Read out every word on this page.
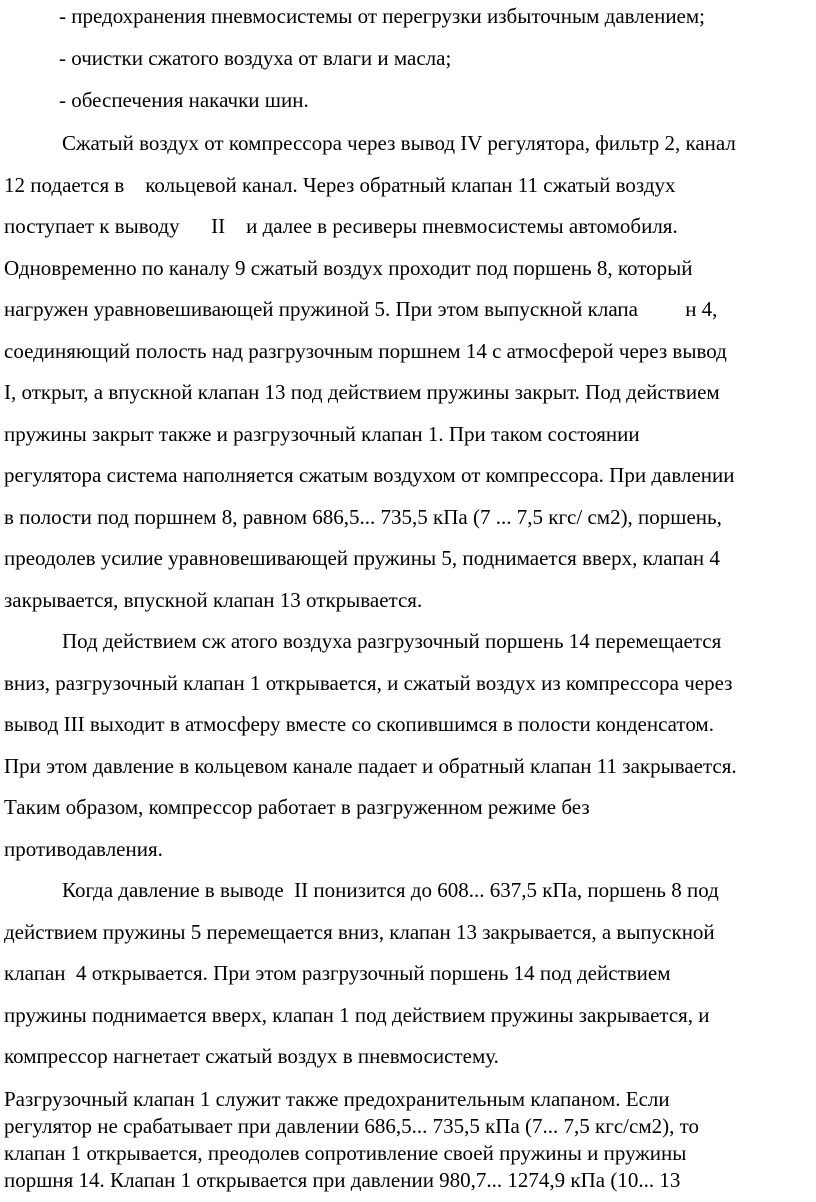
- предохранения пневмосистемы от перегрузки избыточным давлением;
- очистки сжатого воздуха от влаги и масла;
- обеспечения накачки шин.
Сжатый воздух от компрессора через вывод IV регулятора, фильтр 2, канал
12 подается в    кольцевой канал. Через обратный клапан 11 сжатый воздух
поступает к выводу      II    и далее в ресиверы пневмосистемы автомобиля.
Одновременно по каналу 9 сжатый воздух проходит под поршень 8, который
нагружен уравновешивающей пружиной 5. При этом выпускной клапа         н 4,
соединяющий полость над разгрузочным поршнем 14 с атмосферой через вывод
I, открыт, а впускной клапан 13 под действием пружины закрыт. Под действием
пружины закрыт также и разгрузочный клапан 1. При таком состоянии
регулятора система наполняется сжатым воздухом от компрессора. При давлении
в полости под поршнем 8, равном 686,5... 735,5 кПа (7 ... 7,5 кгс/ см2), поршень,
преодолев усилие уравновешивающей пружины 5, поднимается вверх, клапан 4
закрывается, впускной клапан 13 открывается.
Под действием сж атого воздуха разгрузочный поршень 14 перемещается
вниз, разгрузочный клапан 1 открывается, и сжатый воздух из компрессора через
вывод III выходит в атмосферу вместе со скопившимся в полости конденсатом.
При этом давление в кольцевом канале падает и обратный клапан 11 закрывается.
Таким образом, компрессор работает в разгруженном режиме без
противодавления.
Когда давление в выводе  II понизится до 608... 637,5 кПа, поршень 8 под
действием пружины 5 перемещается вниз, клапан 13 закрывается, а выпускной
клапан  4 открывается. При этом разгрузочный поршень 14 под действием
пружины поднимается вверх, клапан 1 под действием пружины закрывается, и
компрессор нагнетает сжатый воздух в пневмосистему.
Разгрузочный клапан 1 служит также предохранительным клапаном. Если
регулятор не срабатывает при давлении 686,5... 735,5 кПа (7... 7,5 кгс/см2), то
клапан 1 открывается, преодолев сопротивление своей пружины и пружины
поршня 14. Клапан 1 открывается при давлении 980,7... 1274,9 кПа (10... 13
